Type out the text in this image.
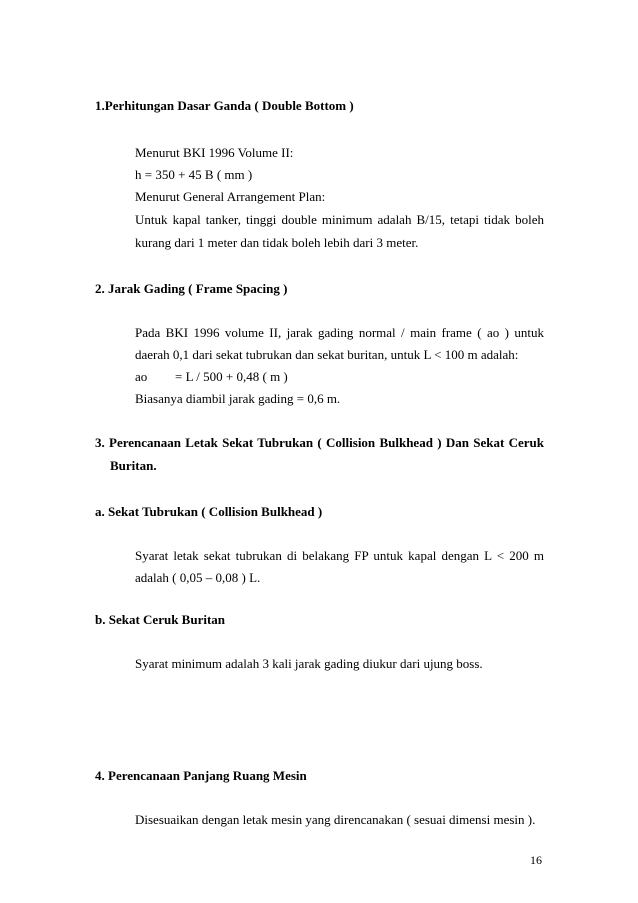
1.Perhitungan Dasar Ganda ( Double Bottom )
Menurut BKI 1996 Volume II:
h = 350 + 45 B ( mm )
Menurut General Arrangement Plan:
Untuk kapal tanker, tinggi double minimum adalah B/15, tetapi tidak boleh
kurang dari 1 meter dan tidak boleh lebih dari 3 meter.
2. Jarak Gading ( Frame Spacing )
Pada BKI 1996 volume II, jarak gading normal / main frame ( ao ) untuk
daerah 0,1 dari sekat tubrukan dan sekat buritan, untuk L < 100 m adalah:
ao = L / 500 + 0,48 ( m )
Biasanya diambil jarak gading = 0,6 m.
3. Perencanaan Letak Sekat Tubrukan ( Collision Bulkhead ) Dan Sekat Ceruk
Buritan.
a. Sekat Tubrukan ( Collision Bulkhead )
Syarat letak sekat tubrukan di belakang FP untuk kapal dengan L < 200 m
adalah ( 0,05 – 0,08 ) L.
b. Sekat Ceruk Buritan
Syarat minimum adalah 3 kali jarak gading diukur dari ujung boss.
4. Perencanaan Panjang Ruang Mesin
Disesuaikan dengan letak mesin yang direncanakan ( sesuai dimensi mesin ).
16
